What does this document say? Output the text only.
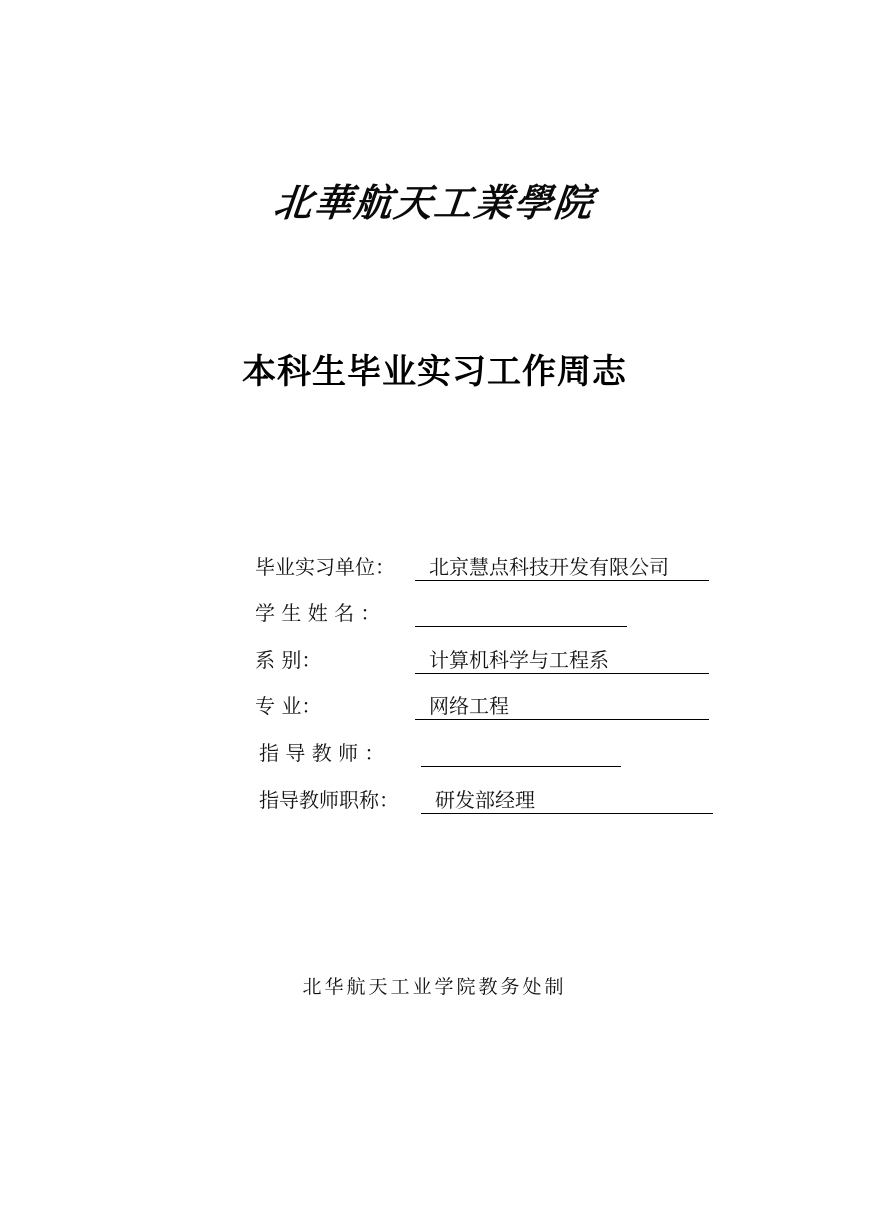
北華航天工業學院
本科生毕业实习工作周志
毕业实习单位：	北京慧点科技开发有限公司
学 生 姓 名 ：
系 别：	计算机科学与工程系
专 业：	网络工程
指 导 教 师 ：
指导教师职称：	研发部经理
北华航天工业学院教务处制
